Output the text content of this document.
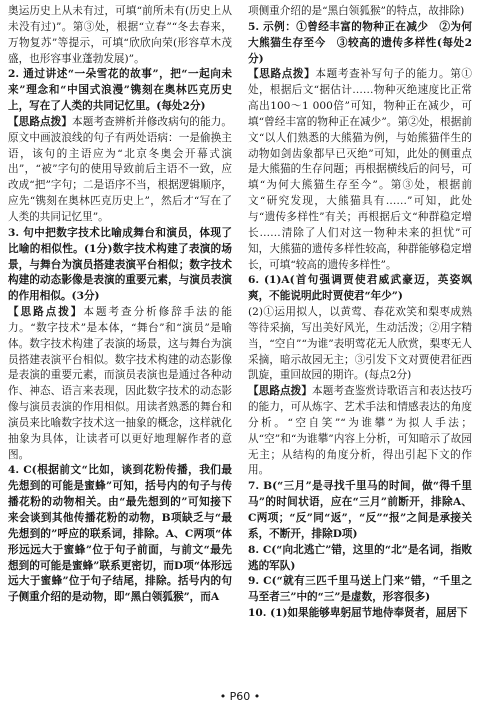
奥运历史上从未有过，可填“前所未有(历史上从未没有过)”。第③处，根据“立春”“冬去春来，万物复苏”等提示，可填“欣欣向荣(形容草木茂盛，也形容事业蓬勃发展)”。

2. 通过讲述“一朵雪花的故事”，把“一起向未来”理念和“中国式浪漫”镌刻在奥林匹克历史上，写在了人类的共同记忆里。(每处2分)

【思路点拨】本题考查辨析并修改病句的能力。原文中画波浪线的句子有两处语病：一是偷换主语，该句的主语应为“北京冬奥会开幕式演出”，“被”字句的使用导致前后主语不一致，应改成“把”字句；二是语序不当，根据逻辑顺序，应先“镌刻在奥林匹克历史上”，然后才“写在了人类的共同记忆里”。

3. 句中把数字技术比喻成舞台和演员，体现了比喻的相似性。(1分)数字技术构建了表演的场景，与舞台为演员搭建表演平台相似；数字技术构建的动态影像是表演的重要元素，与演员表演的作用相似。(3分)

【思路点拨】本题考查分析修辞手法的能力。“数字技术”是本体，“舞台”和“演员”是喻体。数字技术构建了表演的场景，这与舞台为演员搭建表演平台相似。数字技术构建的动态影像是表演的重要元素，而演员表演也是通过各种动作、神态、语言来表现，因此数字技术的动态影像与演员表演的作用相似。用读者熟悉的舞台和演员来比喻数字技术这一抽象的概念，这样就化抽象为具体，让读者可以更好地理解作者的意图。

4. C(根据前文“比如，谈到花粉传播，我们最先想到的可能是蜜蜂”可知，括号内的句子与传播花粉的动物相关。由“最先想到的”可知接下来会谈到其他传播花粉的动物，B项缺乏与“最先想到的”呼应的联系词，排除。A、C两项“体形远远大于蜜蜂”位于句子前面，与前文“最先想到的可能是蜜蜂”联系更密切，而D项“体形远远大于蜜蜂”位于句子结尾，排除。括号内的句子侧重介绍的是动物，即“黑白领狐猴”，而A

项侧重介绍的是“黑白领狐猴”的特点，故排除)

5. 示例：①曾经丰富的物种正在减少　②为何大熊猫生存至今　③较高的遗传多样性(每处2分)

【思路点拨】本题考查补写句子的能力。第①处，根据后文“据估计……物种灭绝速度比正常高出100～1 000倍”可知，物种正在减少，可填“曾经丰富的物种正在减少”。第②处，根据前文“以人们熟悉的大熊猫为例，与始熊猫伴生的动物如剑齿象都早已灭绝”可知，此处的侧重点是大熊猫的生存问题；再根据横线后的问号，可填“为何大熊猫生存至今”。第③处，根据前文“研究发现，大熊猫具有……”可知，此处与“遗传多样性”有关；再根据后文“种群稳定增长……清除了人们对这一物种未来的担忧”可知，大熊猫的遗传多样性较高，种群能够稳定增长，可填“较高的遗传多样性”。

6. (1)A(首句强调贾使君威武豪迈，英姿飒爽，不能说明此时贾使君“年少”)

(2)①运用拟人，以黄莺、春花欢笑和梨枣成熟等待采摘，写出美好风光，生动活泼；②用字精当，“空自”“为谁”表明莺花无人欣赏，梨枣无人采摘，暗示故园无主；③引发下文对贾使君征西凯旋，重回故园的期许。(每点2分)

【思路点拨】本题考查鉴赏诗歌语言和表达技巧的能力，可从炼字、艺术手法和情感表达的角度分析。“空自笑”“为谁攀”为拟人手法；从“空”和“为谁攀”内容上分析，可知暗示了故园无主；从结构的角度分析，得出引起下文的作用。

7. B(“三月”是寻找千里马的时间，做“得千里马”的时间状语，应在“三月”前断开，排除A、C两项；“反”同“返”，“反”“报”之间是承接关系，不断开，排除D项)

8. C(“向北逃亡”错，这里的“北”是名词，指败逃的军队)

9. C(“就有三匹千里马送上门来”错，“千里之马至者三”中的“三”是虚数，形容很多)

10. (1)如果能够卑躬屈节地侍奉贤者，屈居下

• P60 •
